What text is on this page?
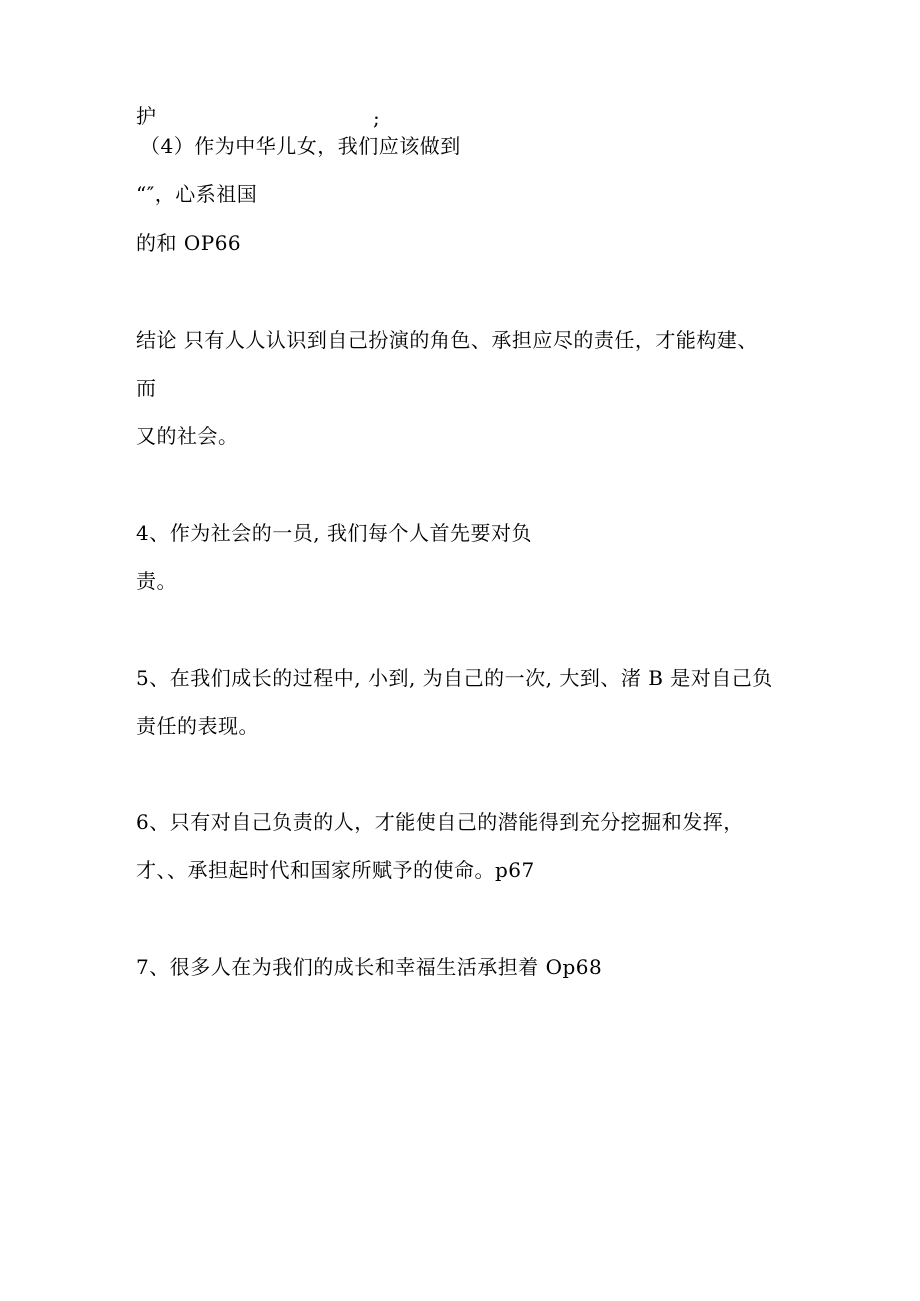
护	;
（4）作为中华儿女，我们应该做到
“″，心系祖国
的和 OP66
结论 只有人人认识到自己扮演的角色、承担应尽的责任，才能构建、
而
又的社会。
4、作为社会的一员, 我们每个人首先要对负
责。
5、在我们成长的过程中, 小到, 为自己的一次, 大到、渚 B 是对自己负
责任的表现。
6、只有对自己负责的人，才能使自己的潜能得到充分挖掘和发挥，
才、、承担起时代和国家所赋予的使命。p67
7、很多人在为我们的成长和幸福生活承担着 Op68
